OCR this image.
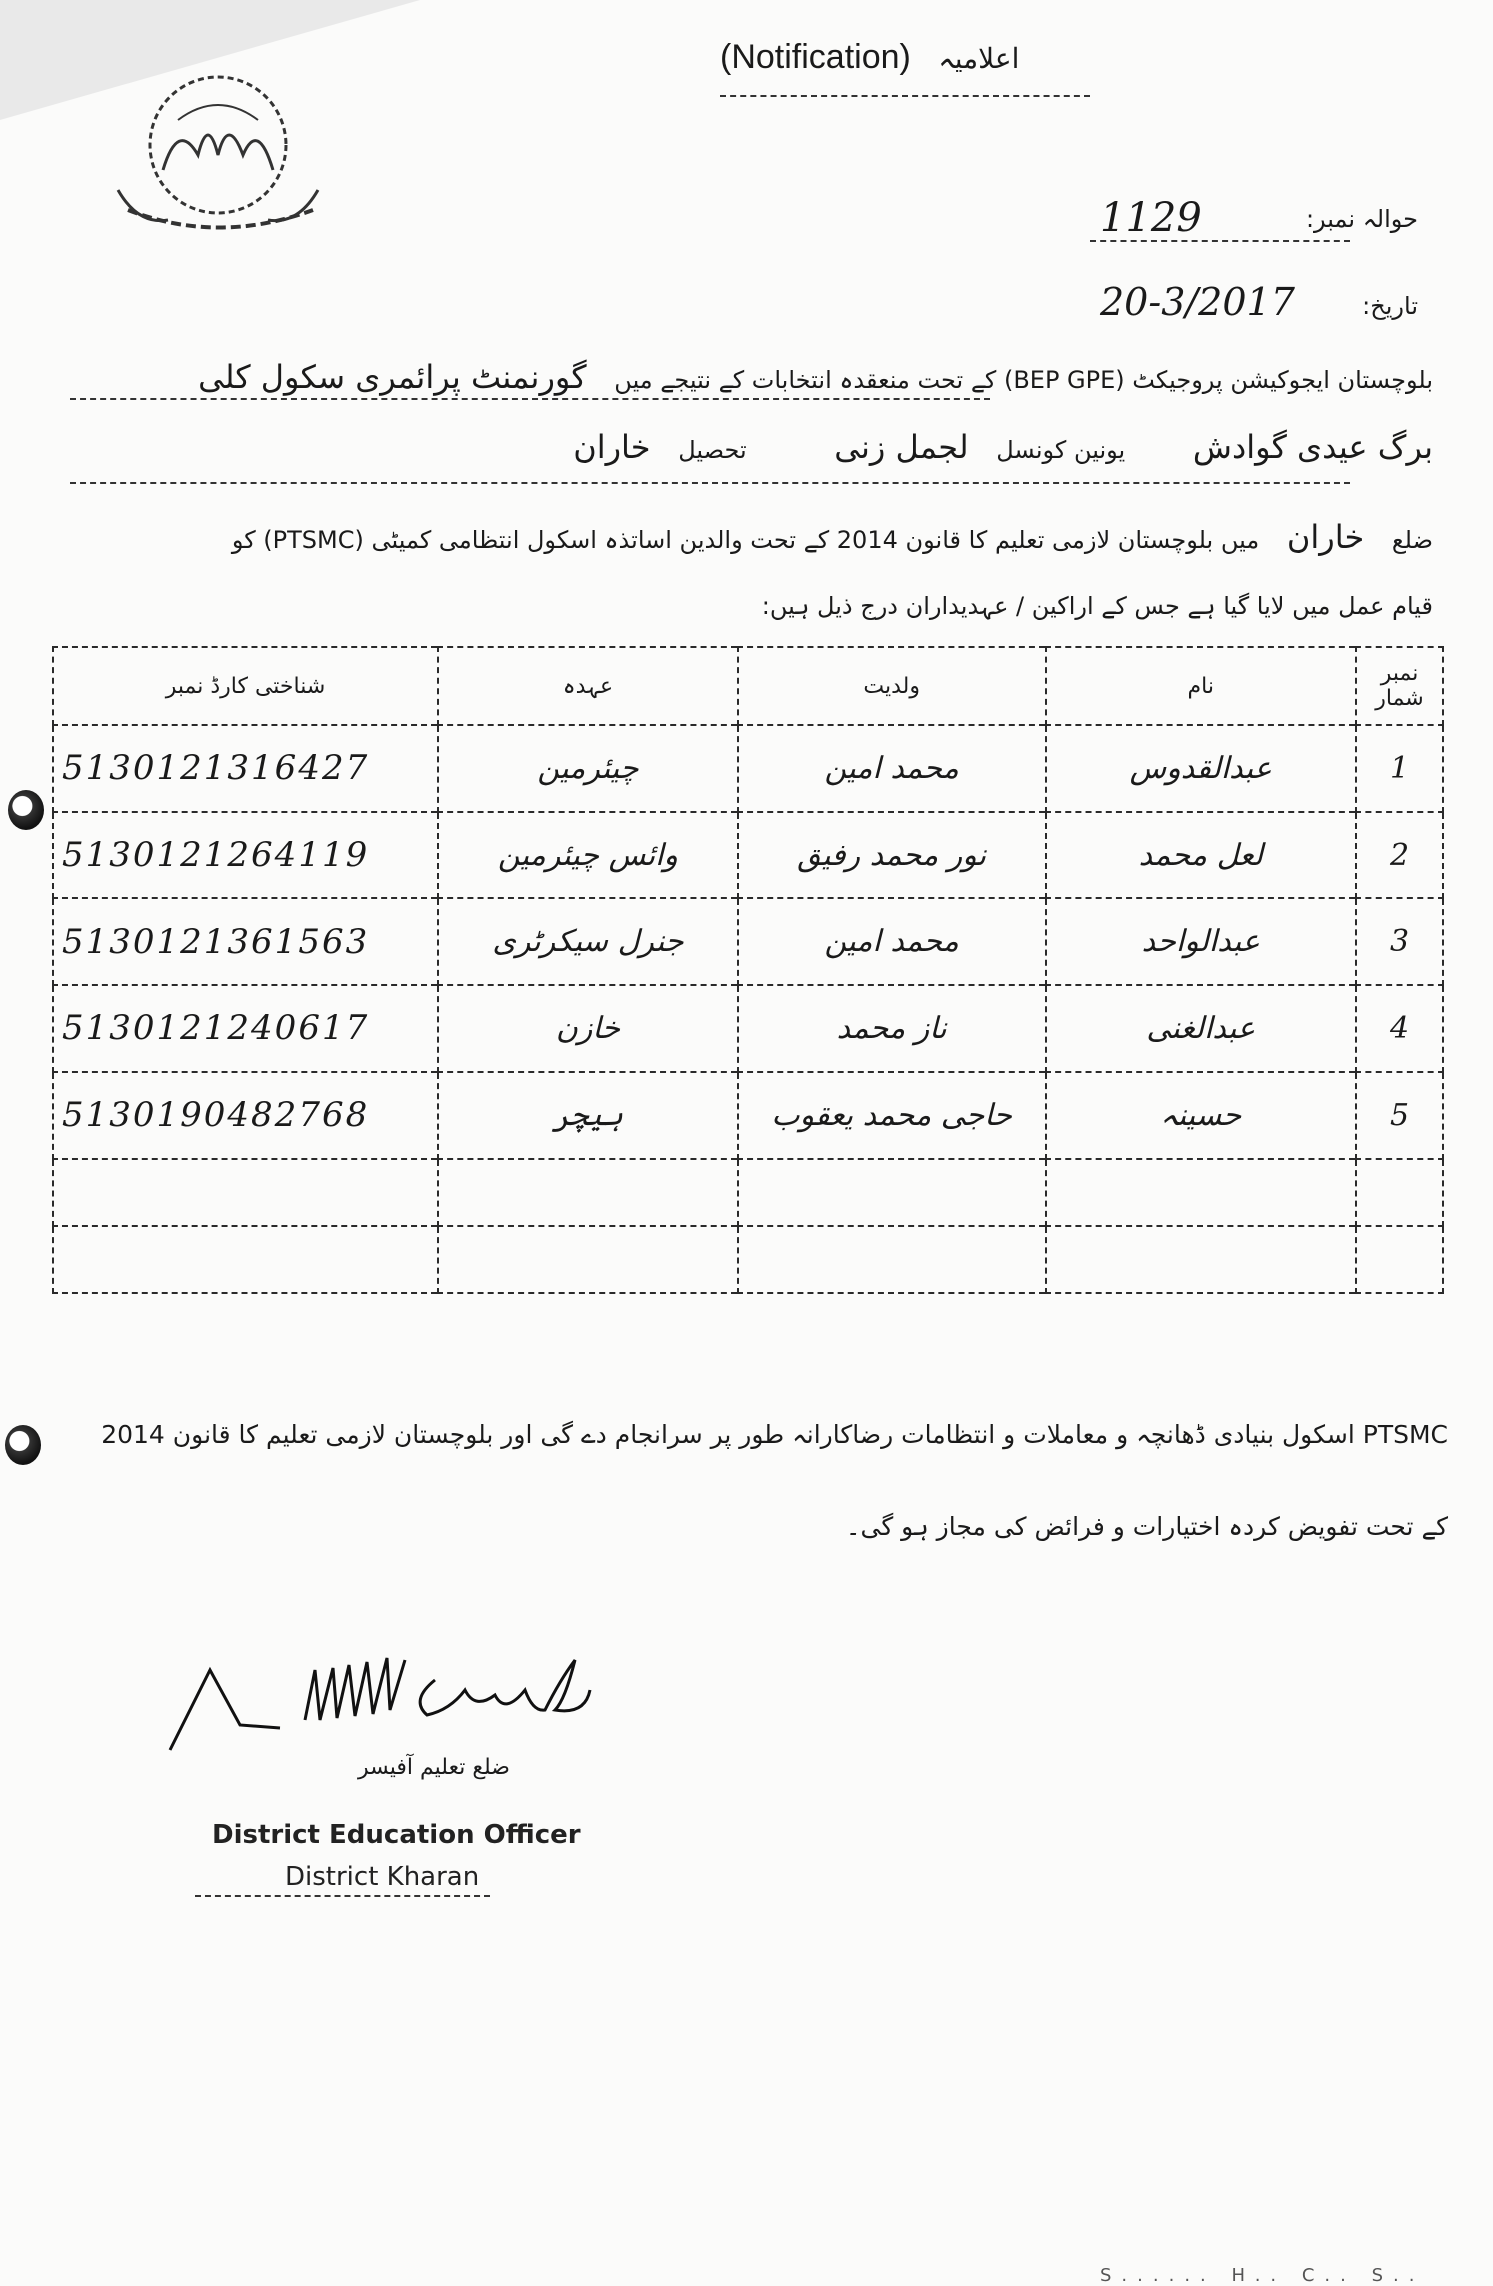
(Notification) اعلامیہ
حوالہ نمبر:
1129
تاریخ:
20-3/2017
بلوچستان ایجوکیشن پروجیکٹ (BEP GPE) کے تحت منعقدہ انتخابات کے نتیجے میں گورنمنٹ پرائمری سکول کلی
برگ عیدی گوادش یونین کونسل لجمل زنی تحصیل خاران
ضلع خاران میں بلوچستان لازمی تعلیم کا قانون 2014 کے تحت والدین اساتذہ اسکول انتظامی کمیٹی (PTSMC) کو
قیام عمل میں لایا گیا ہے جس کے اراکین / عہدیداران درج ذیل ہیں:
نمبر شمار	نام	ولدیت	عہدہ	شناختی کارڈ نمبر
1	عبدالقدوس	محمد امین	چیئرمین	5130121316427
2	لعل محمد	نور محمد رفیق	وائس چیئرمین	5130121264119
3	عبدالواحد	محمد امین	جنرل سیکرٹری	5130121361563
4	عبدالغنی	ناز محمد	خازن	5130121240617
5	حسینہ	حاجی محمد یعقوب	ہیچر	5130190482768

PTSMC اسکول بنیادی ڈھانچہ و معاملات و انتظامات رضاکارانہ طور پر سرانجام دے گی اور بلوچستان لازمی تعلیم کا قانون 2014
کے تحت تفویض کردہ اختیارات و فرائض کی مجاز ہو گی۔
ضلع تعلیم آفیسر
District Education Officer
District Kharan
S...... H.. C.. S..
